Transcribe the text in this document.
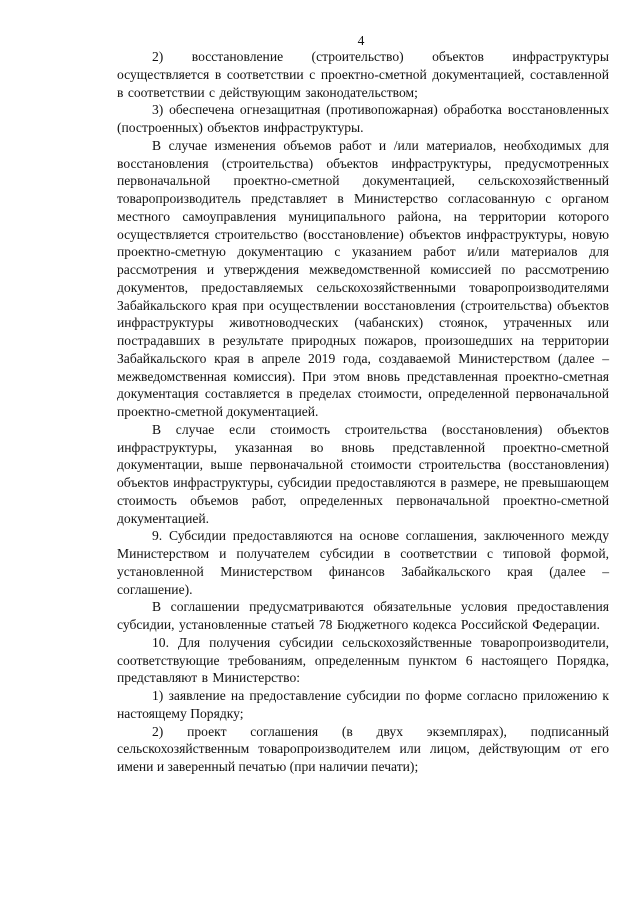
4

2) восстановление (строительство) объектов инфраструктуры осуществляется в соответствии с проектно-сметной документацией, составленной в соответствии с действующим законодательством;

3) обеспечена огнезащитная (противопожарная) обработка восстановленных (построенных) объектов инфраструктуры.

В случае изменения объемов работ и /или материалов, необходимых для восстановления (строительства) объектов инфраструктуры, предусмотренных первоначальной проектно-сметной документацией, сельскохозяйственный товаропроизводитель представляет в Министерство согласованную с органом местного самоуправления муниципального района, на территории которого осуществляется строительство (восстановление) объектов инфраструктуры, новую проектно-сметную документацию с указанием работ и/или материалов для рассмотрения и утверждения межведомственной комиссией по рассмотрению документов, предоставляемых сельскохозяйственными товаропроизводителями Забайкальского края при осуществлении восстановления (строительства) объектов инфраструктуры животноводческих (чабанских) стоянок, утраченных или пострадавших в результате природных пожаров, произошедших на территории Забайкальского края в апреле 2019 года, создаваемой Министерством (далее – межведомственная комиссия). При этом вновь представленная проектно-сметная документация составляется в пределах стоимости, определенной первоначальной проектно-сметной документацией.

В случае если стоимость строительства (восстановления) объектов инфраструктуры, указанная во вновь представленной проектно-сметной документации, выше первоначальной стоимости строительства (восстановления) объектов инфраструктуры, субсидии предоставляются в размере, не превышающем стоимость объемов работ, определенных первоначальной проектно-сметной документацией.

9. Субсидии предоставляются на основе соглашения, заключенного между Министерством и получателем субсидии в соответствии с типовой формой, установленной Министерством финансов Забайкальского края (далее – соглашение).

В соглашении предусматриваются обязательные условия предоставления субсидии, установленные статьей 78 Бюджетного кодекса Российской Федерации.

10. Для получения субсидии сельскохозяйственные товаропроизводители, соответствующие требованиям, определенным пунктом 6 настоящего Порядка, представляют в Министерство:

1) заявление на предоставление субсидии по форме согласно приложению к настоящему Порядку;

2) проект соглашения (в двух экземплярах), подписанный сельскохозяйственным товаропроизводителем или лицом, действующим от его имени и заверенный печатью (при наличии печати);
